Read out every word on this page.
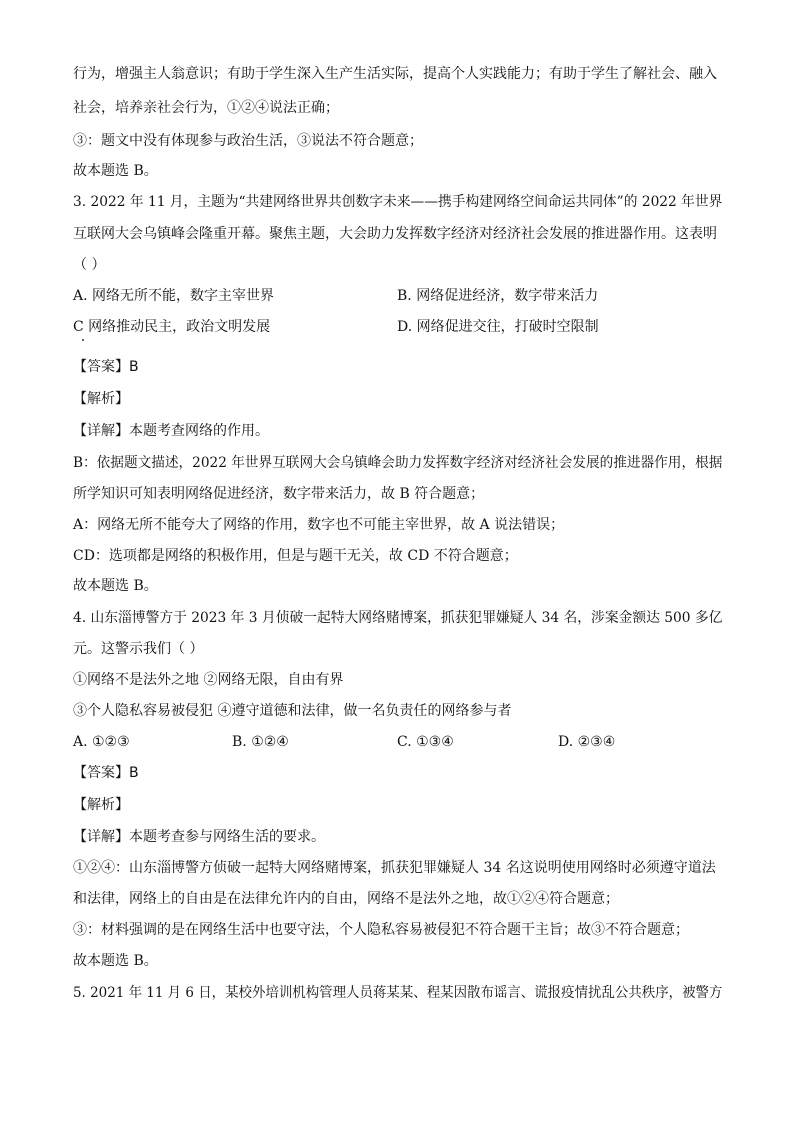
行为，增强主人翁意识；有助于学生深入生产生活实际，提高个人实践能力；有助于学生了解社会、融入
社会，培养亲社会行为，①②④说法正确；
③：题文中没有体现参与政治生活，③说法不符合题意；
故本题选 B。
3. 2022 年 11 月，主题为“共建网络世界共创数字未来——携手构建网络空间命运共同体”的 2022 年世界
互联网大会乌镇峰会隆重开幕。聚焦主题，大会助力发挥数字经济对经济社会发展的推进器作用。这表明
（ ）
A. 网络无所不能，数字主宰世界	B. 网络促进经济，数字带来活力
C 网络推动民主，政治文明发展	D. 网络促进交往，打破时空限制
【答案】B
【解析】
【详解】本题考查网络的作用。
B：依据题文描述，2022 年世界互联网大会乌镇峰会助力发挥数字经济对经济社会发展的推进器作用，根据
所学知识可知表明网络促进经济，数字带来活力，故 B 符合题意；
A：网络无所不能夸大了网络的作用，数字也不可能主宰世界，故 A 说法错误；
CD：选项都是网络的积极作用，但是与题干无关，故 CD 不符合题意；
故本题选 B。
4. 山东淄博警方于 2023 年 3 月侦破一起特大网络赌博案，抓获犯罪嫌疑人 34 名，涉案金额达 500 多亿
元。这警示我们（ ）
①网络不是法外之地 ②网络无限，自由有界
③个人隐私容易被侵犯 ④遵守道德和法律，做一名负责任的网络参与者
A. ①②③	B. ①②④	C. ①③④	D. ②③④
【答案】B
【解析】
【详解】本题考查参与网络生活的要求。
①②④：山东淄博警方侦破一起特大网络赌博案，抓获犯罪嫌疑人 34 名这说明使用网络时必须遵守道法
和法律，网络上的自由是在法律允许内的自由，网络不是法外之地，故①②④符合题意；
③：材料强调的是在网络生活中也要守法，个人隐私容易被侵犯不符合题干主旨；故③不符合题意；
故本题选 B。
5. 2021 年 11 月 6 日，某校外培训机构管理人员蒋某某、程某因散布谣言、谎报疫情扰乱公共秩序，被警方
